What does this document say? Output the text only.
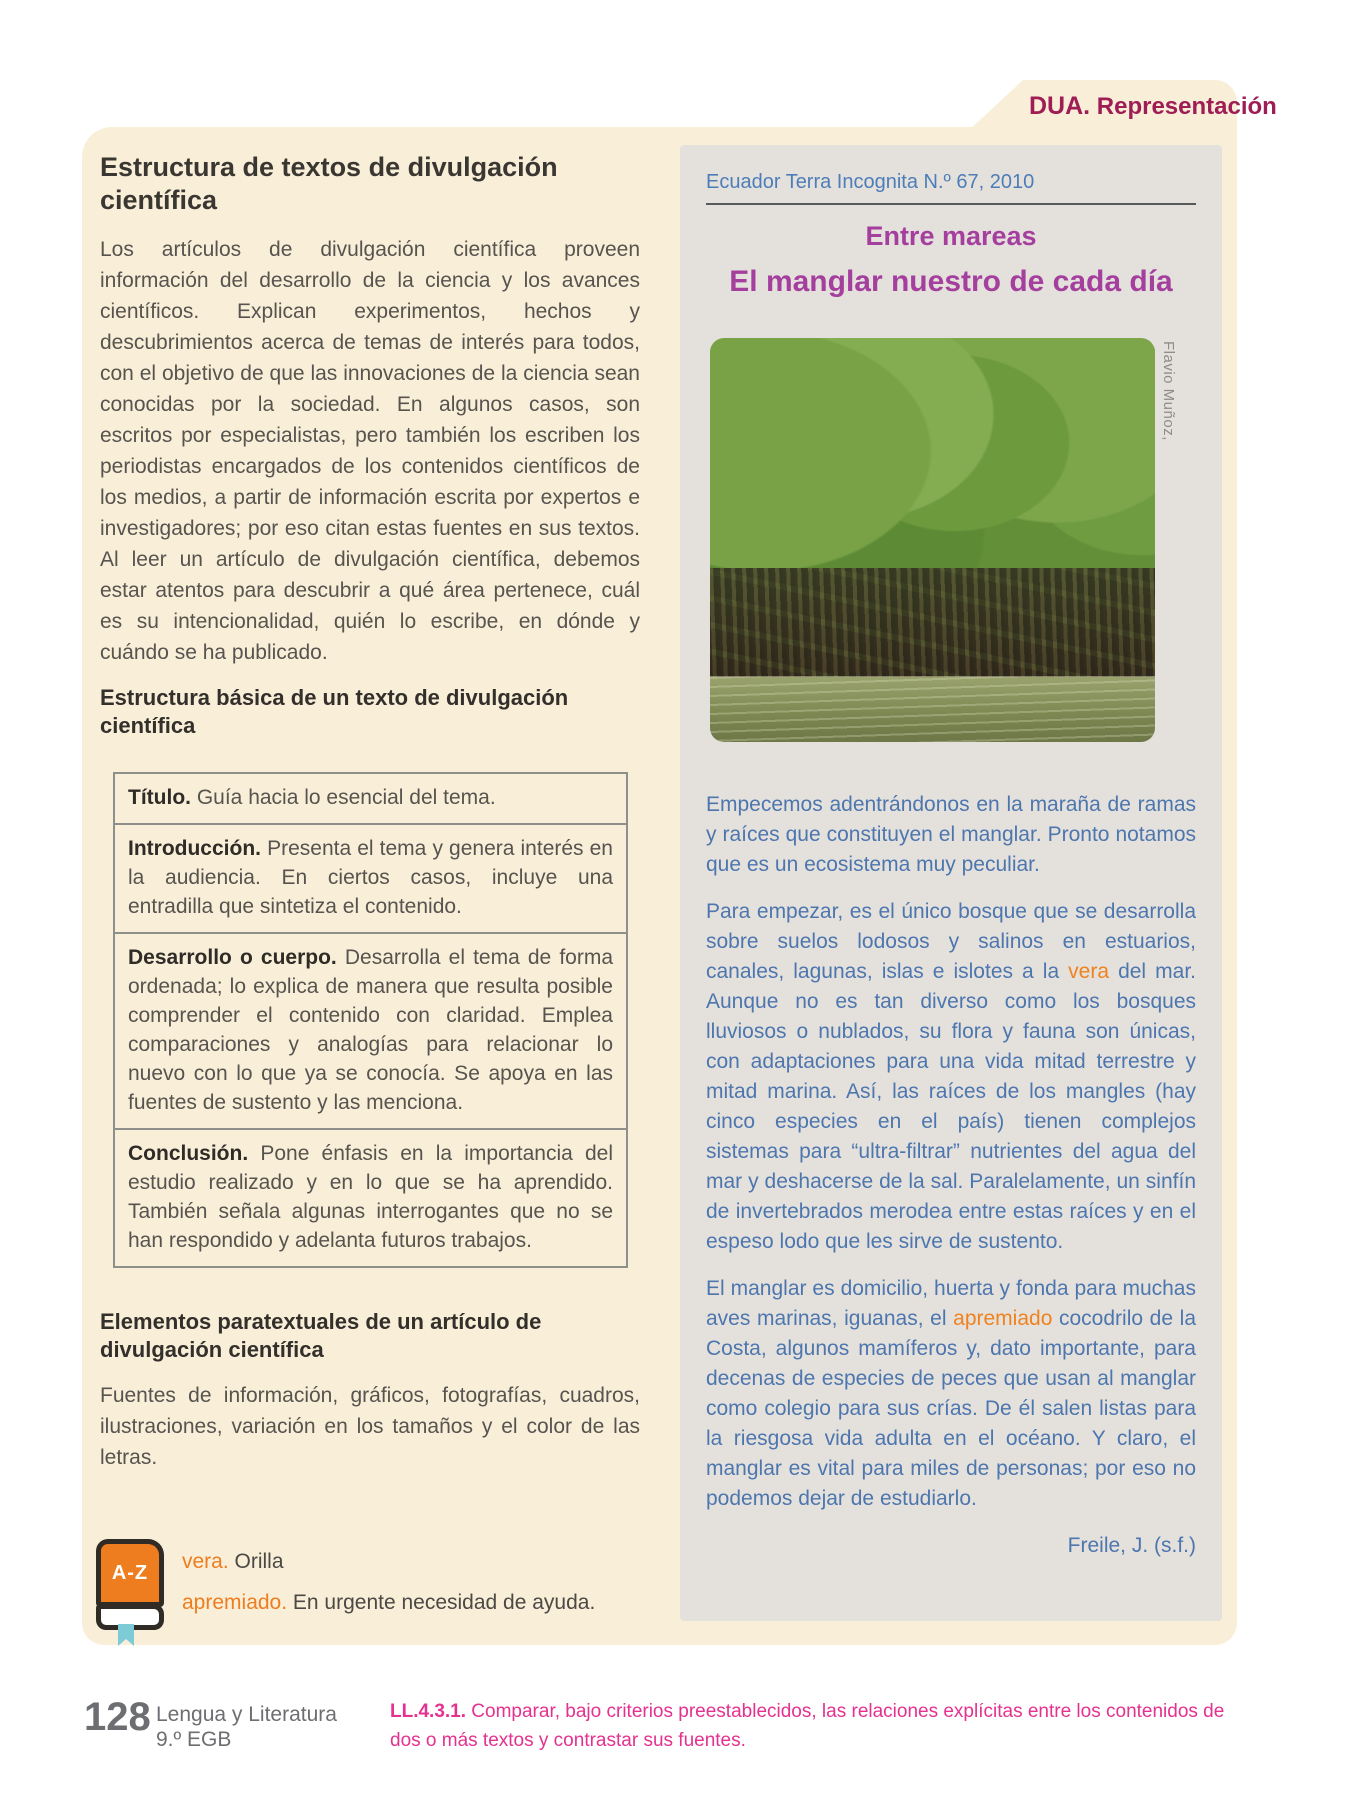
DUA. Representación
Estructura de textos de divulgación científica

Los artículos de divulgación científica proveen información del desarrollo de la ciencia y los avances científicos. Explican experimentos, hechos y descubrimientos acerca de temas de interés para todos, con el objetivo de que las innovaciones de la ciencia sean conocidas por la sociedad. En algunos casos, son escritos por especialistas, pero también los escriben los periodistas encargados de los contenidos científicos de los medios, a partir de información escrita por expertos e investigadores; por eso citan estas fuentes en sus textos. Al leer un artículo de divulgación científica, debemos estar atentos para descubrir a qué área pertenece, cuál es su intencionalidad, quién lo escribe, en dónde y cuándo se ha publicado.

Estructura básica de un texto de divulgación científica
Título. Guía hacia lo esencial del tema.
Introducción. Presenta el tema y genera interés en la audiencia. En ciertos casos, incluye una entradilla que sintetiza el contenido.
Desarrollo o cuerpo. Desarrolla el tema de forma ordenada; lo explica de manera que resulta posible comprender el contenido con claridad. Emplea comparaciones y analogías para relacionar lo nuevo con lo que ya se conocía. Se apoya en las fuentes de sustento y las menciona.
Conclusión. Pone énfasis en la importancia del estudio realizado y en lo que se ha aprendido. También señala algunas interrogantes que no se han respondido y adelanta futuros trabajos.
Elementos paratextuales de un artículo de divulgación científica

Fuentes de información, gráficos, fotografías, cuadros, ilustraciones, variación en los tamaños y el color de las letras.

A-Z	vera. Orilla
apremiado. En urgente necesidad de ayuda.
Ecuador Terra Incognita N.º 67, 2010
Entre mareas
El manglar nuestro de cada día
Flavio Muñoz,

Empecemos adentrándonos en la maraña de ramas y raíces que constituyen el manglar. Pronto notamos que es un ecosistema muy peculiar.

Para empezar, es el único bosque que se desarrolla sobre suelos lodosos y salinos en estuarios, canales, lagunas, islas e islotes a la vera del mar. Aunque no es tan diverso como los bosques lluviosos o nublados, su flora y fauna son únicas, con adaptaciones para una vida mitad terrestre y mitad marina. Así, las raíces de los mangles (hay cinco especies en el país) tienen complejos sistemas para “ultra-filtrar” nutrientes del agua del mar y deshacerse de la sal. Paralelamente, un sinfín de invertebrados merodea entre estas raíces y en el espeso lodo que les sirve de sustento.

El manglar es domicilio, huerta y fonda para muchas aves marinas, iguanas, el apremiado cocodrilo de la Costa, algunos mamíferos y, dato importante, para decenas de especies de peces que usan al manglar como colegio para sus crías. De él salen listas para la riesgosa vida adulta en el océano. Y claro, el manglar es vital para miles de personas; por eso no podemos dejar de estudiarlo.

Freile, J. (s.f.)
128 Lengua y Literatura
9.º EGB
LL.4.3.1. Comparar, bajo criterios preestablecidos, las relaciones explícitas entre los contenidos de dos o más textos y contrastar sus fuentes.
